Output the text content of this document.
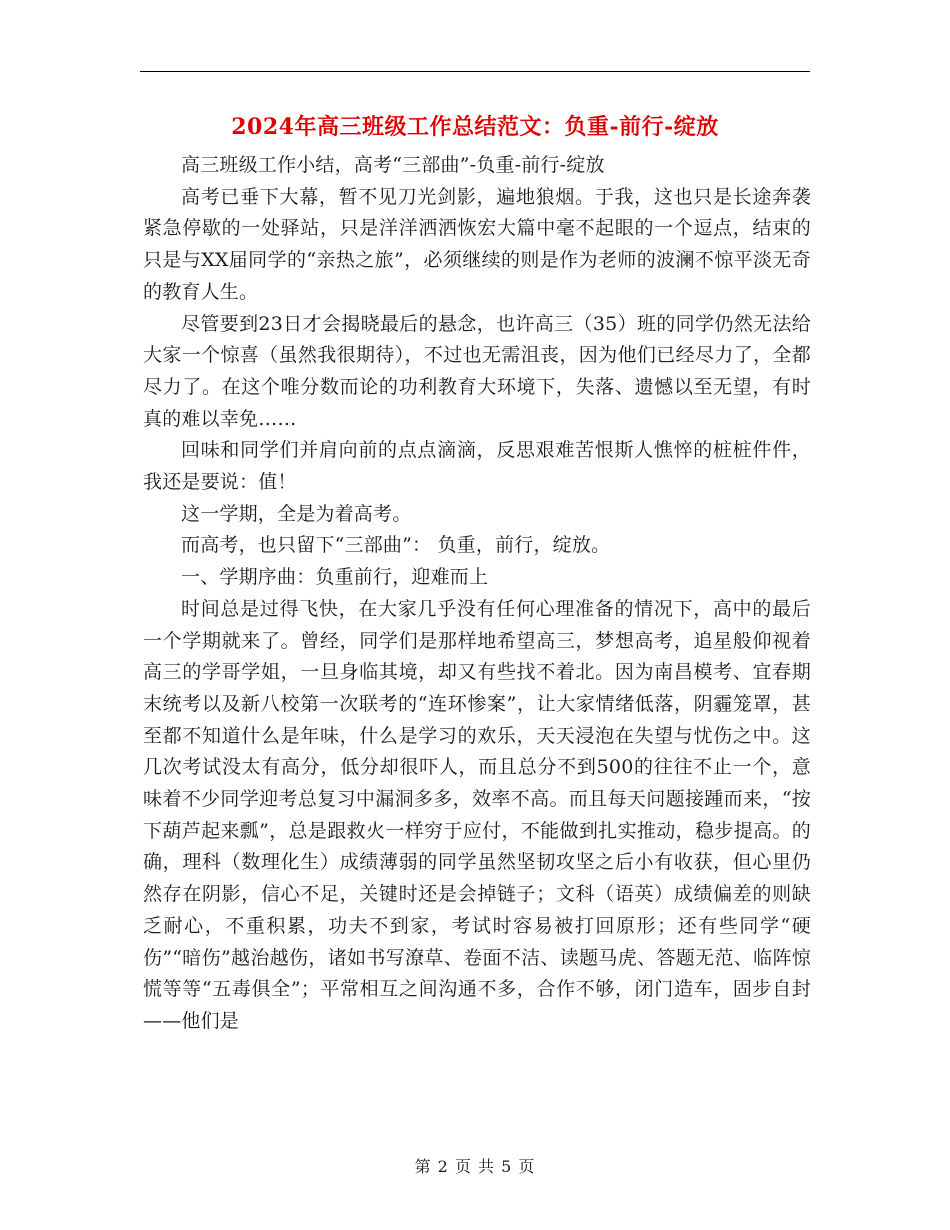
2024年高三班级工作总结范文：负重-前行-绽放

高三班级工作小结，高考“三部曲”-负重-前行-绽放

高考已垂下大幕，暂不见刀光剑影，遍地狼烟。于我，这也只是长途奔袭紧急停歇的一处驿站，只是洋洋洒洒恢宏大篇中毫不起眼的一个逗点，结束的只是与XX届同学的“亲热之旅”，必须继续的则是作为老师的波澜不惊平淡无奇的教育人生。

尽管要到23日才会揭晓最后的悬念，也许高三（35）班的同学仍然无法给大家一个惊喜（虽然我很期待），不过也无需沮丧，因为他们已经尽力了，全都尽力了。在这个唯分数而论的功利教育大环境下，失落、遗憾以至无望，有时真的难以幸免……

回味和同学们并肩向前的点点滴滴，反思艰难苦恨斯人憔悴的桩桩件件，我还是要说：值！

这一学期，全是为着高考。

而高考，也只留下“三部曲”： 负重，前行，绽放。

一、学期序曲：负重前行，迎难而上

时间总是过得飞快，在大家几乎没有任何心理准备的情况下，高中的最后一个学期就来了。曾经，同学们是那样地希望高三，梦想高考，追星般仰视着高三的学哥学姐，一旦身临其境，却又有些找不着北。因为南昌模考、宜春期末统考以及新八校第一次联考的“连环惨案”，让大家情绪低落，阴霾笼罩，甚至都不知道什么是年味，什么是学习的欢乐，天天浸泡在失望与忧伤之中。这几次考试没太有高分，低分却很吓人，而且总分不到500的往往不止一个，意味着不少同学迎考总复习中漏洞多多，效率不高。而且每天问题接踵而来，“按下葫芦起来瓢”，总是跟救火一样穷于应付，不能做到扎实推动，稳步提高。的确，理科（数理化生）成绩薄弱的同学虽然坚韧攻坚之后小有收获，但心里仍然存在阴影，信心不足，关键时还是会掉链子；文科（语英）成绩偏差的则缺乏耐心，不重积累，功夫不到家，考试时容易被打回原形；还有些同学“硬伤”“暗伤”越治越伤，诸如书写潦草、卷面不洁、读题马虎、答题无范、临阵惊慌等等“五毒俱全”；平常相互之间沟通不多，合作不够，闭门造车，固步自封——他们是

第 2 页 共 5 页
